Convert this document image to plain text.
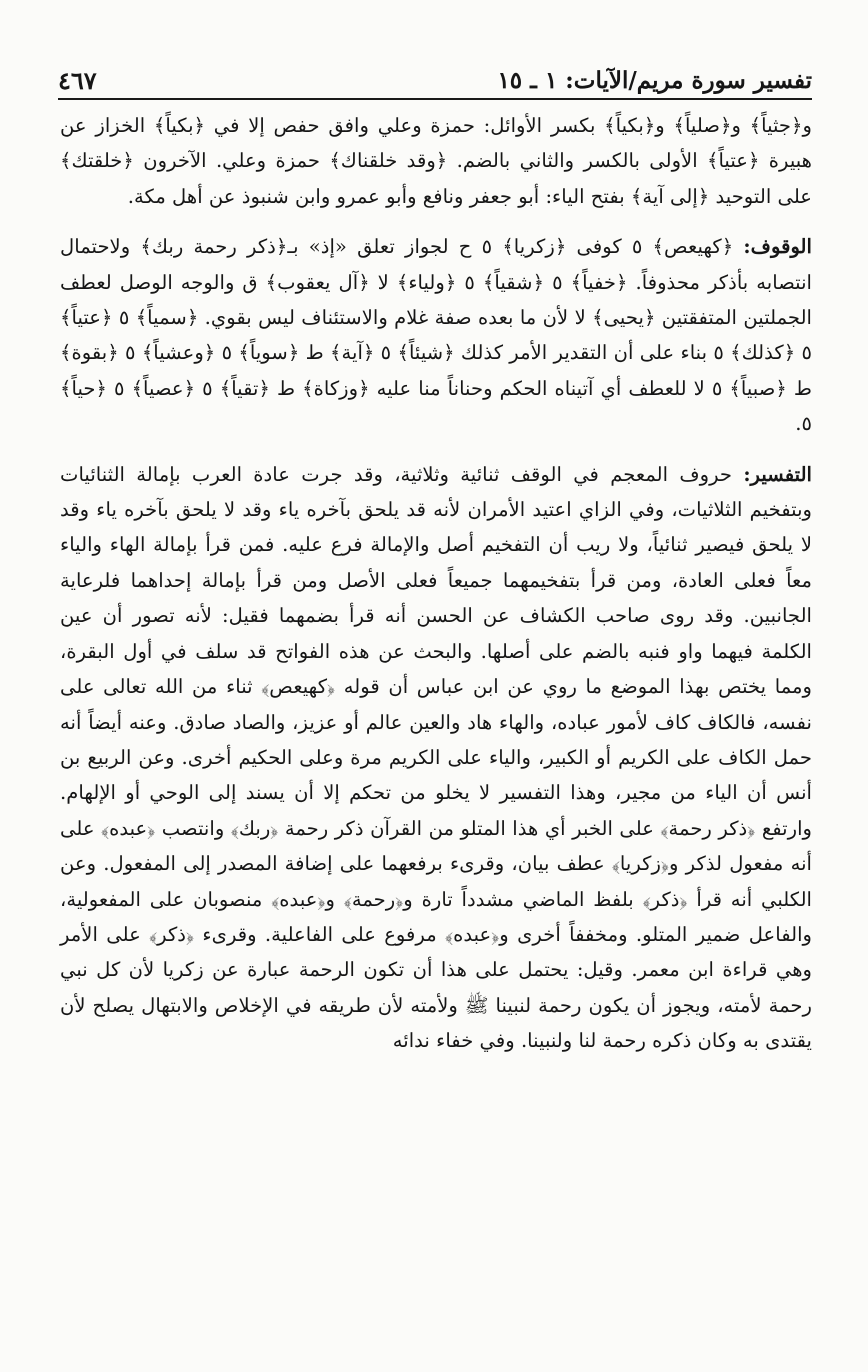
تفسير سورة مريم/الآيات: ١ ـ ١٥
٤٦٧

و﴿جثياً﴾ و﴿صلياً﴾ و﴿بكياً﴾ بكسر الأوائل: حمزة وعلي وافق حفص إلا في ﴿بكياً﴾ الخزاز عن هبيرة ﴿عتياً﴾ الأولى بالكسر والثاني بالضم. ﴿وقد خلقناك﴾ حمزة وعلي. الآخرون ﴿خلقتك﴾ على التوحيد ﴿إلى آية﴾ بفتح الياء: أبو جعفر ونافع وأبو عمرو وابن شنبوذ عن أهل مكة.

الوقوف: ﴿كهيعص﴾ ٥ كوفى ﴿زكريا﴾ ٥ ح لجواز تعلق «إذ» بـ﴿ذكر رحمة ربك﴾ ولاحتمال انتصابه بأذكر محذوفاً. ﴿خفياً﴾ ٥ ﴿شقياً﴾ ٥ ﴿ولياء﴾ لا ﴿آل يعقوب﴾ ق والوجه الوصل لعطف الجملتين المتفقتين ﴿يحيى﴾ لا لأن ما بعده صفة غلام والاستئناف ليس بقوي. ﴿سمياً﴾ ٥ ﴿عتياً﴾ ٥ ﴿كذلك﴾ ٥ بناء على أن التقدير الأمر كذلك ﴿شيئاً﴾ ٥ ﴿آية﴾ ط ﴿سوياً﴾ ٥ ﴿وعشياً﴾ ٥ ﴿بقوة﴾ ط ﴿صبياً﴾ ٥ لا للعطف أي آتيناه الحكم وحناناً منا عليه ﴿وزكاة﴾ ط ﴿تقياً﴾ ٥ ﴿عصياً﴾ ٥ ﴿حياً﴾ ٥.

التفسير: حروف المعجم في الوقف ثنائية وثلاثية، وقد جرت عادة العرب بإمالة الثنائيات وبتفخيم الثلاثيات، وفي الزاي اعتيد الأمران لأنه قد يلحق بآخره ياء وقد لا يلحق بآخره ياء وقد لا يلحق فيصير ثنائياً، ولا ريب أن التفخيم أصل والإمالة فرع عليه. فمن قرأ بإمالة الهاء والياء معاً فعلى العادة، ومن قرأ بتفخيمهما جميعاً فعلى الأصل ومن قرأ بإمالة إحداهما فلرعاية الجانبين. وقد روى صاحب الكشاف عن الحسن أنه قرأ بضمهما فقيل: لأنه تصور أن عين الكلمة فيهما واو فنبه بالضم على أصلها. والبحث عن هذه الفواتح قد سلف في أول البقرة، ومما يختص بهذا الموضع ما روي عن ابن عباس أن قوله ﴿كهيعص﴾ ثناء من الله تعالى على نفسه، فالكاف كاف لأمور عباده، والهاء هاد والعين عالم أو عزيز، والصاد صادق. وعنه أيضاً أنه حمل الكاف على الكريم أو الكبير، والياء على الكريم مرة وعلى الحكيم أخرى. وعن الربيع بن أنس أن الياء من مجير، وهذا التفسير لا يخلو من تحكم إلا أن يسند إلى الوحي أو الإلهام. وارتفع ﴿ذكر رحمة﴾ على الخبر أي هذا المتلو من القرآن ذكر رحمة ﴿ربك﴾ وانتصب ﴿عبده﴾ على أنه مفعول لذكر و﴿زكريا﴾ عطف بيان، وقرىء برفعهما على إضافة المصدر إلى المفعول. وعن الكلبي أنه قرأ ﴿ذكر﴾ بلفظ الماضي مشدداً تارة و﴿رحمة﴾ و﴿عبده﴾ منصوبان على المفعولية، والفاعل ضمير المتلو. ومخففاً أخرى و﴿عبده﴾ مرفوع على الفاعلية. وقرىء ﴿ذكر﴾ على الأمر وهي قراءة ابن معمر. وقيل: يحتمل على هذا أن تكون الرحمة عبارة عن زكريا لأن كل نبي رحمة لأمته، ويجوز أن يكون رحمة لنبينا ﷺ ولأمته لأن طريقه في الإخلاص والابتهال يصلح لأن يقتدى به وكان ذكره رحمة لنا ولنبينا. وفي خفاء ندائه
